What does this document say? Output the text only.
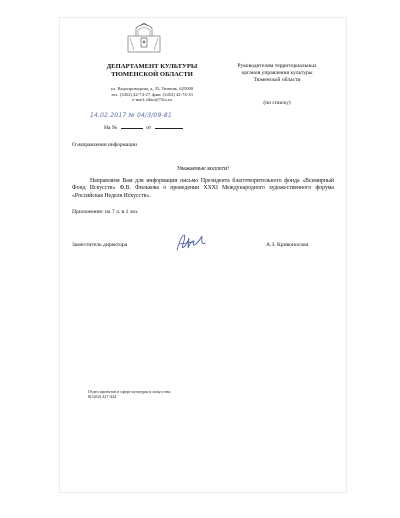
ДЕПАРТАМЕНТ КУЛЬТУРЫ
ТЮМЕНСКОЙ ОБЛАСТИ
ул. Водопроводная, д. 35, Тюмень, 625000
тел. (3452) 42-74-27, факс (3452) 42-74-33
e-mail: dkto@72to.ru
14.02.2017 № 04/3/09-81
На №	от
О направлении информации
Руководителям территориальных
органов управления культуры
Тюменской области
(по списку)
Уважаемые коллеги!
Направляем Вам для информации письмо Президента благотворительного фонда «Всемирный Фонд Искусств» Ф.В. Филькова о проведении XXXI Международного художественного форума «Российская Неделя Искусств».
Приложение: на 7 л. в 1 экз.
Заместитель директора	А.З. Кривоносова
Отдел проектов в сфере культуры и искусства,
8(3452) 427-424
